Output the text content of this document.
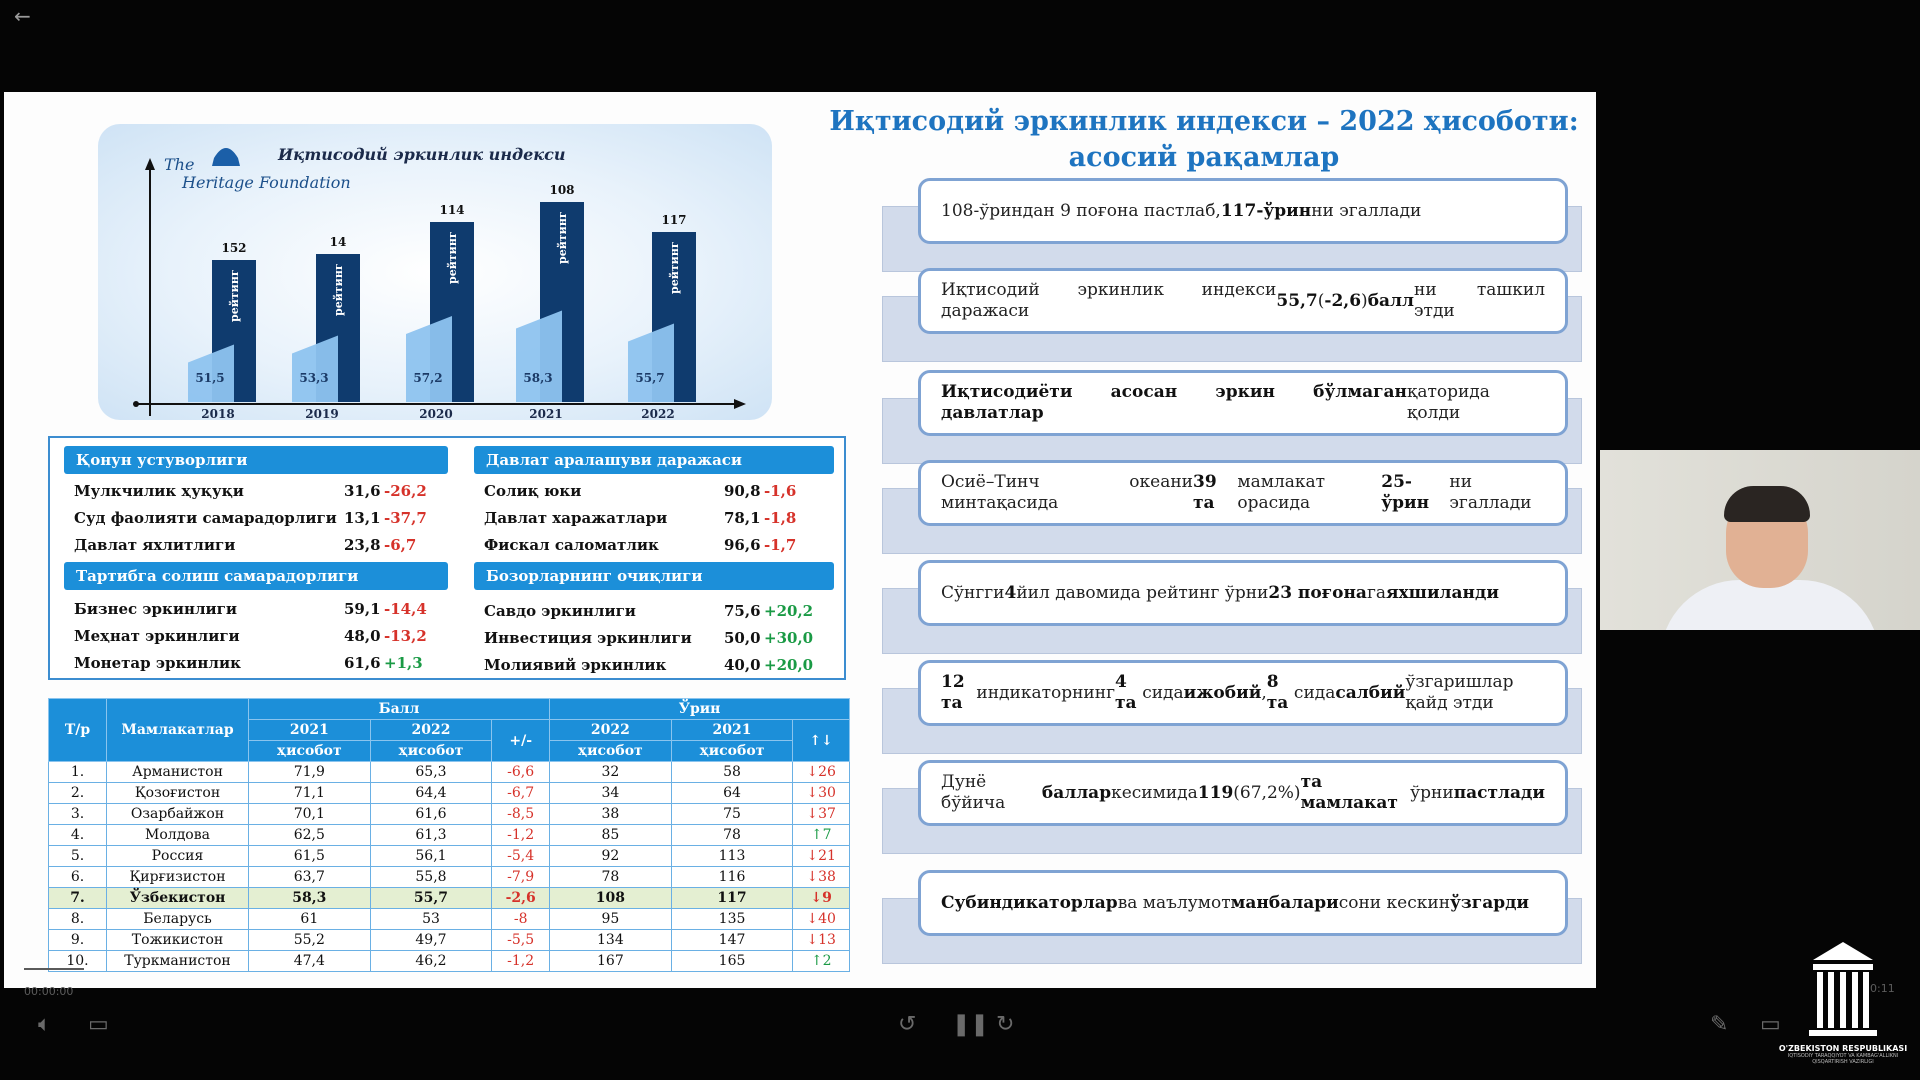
←
The
Heritage Foundation
Иқтисодий эркинлик индекси
152
рейтинг
51,5
2018
14
рейтинг
53,3
2019
114
рейтинг
57,2
2020
108
рейтинг
58,3
2021
117
рейтинг
55,7
2022
Қонун устуворлиги
Мулкчилик ҳуқуқи	31,6 -26,2
Суд фаолияти самарадорлиги 13,1 -37,7
Давлат яхлитлиги	23,8 -6,7
Давлат аралашуви даражаси
Солиқ юки	90,8 -1,6
Давлат харажатлари	78,1 -1,8
Фискал саломатлик	96,6 -1,7
Тартибга солиш самарадорлиги
Бизнес эркинлиги	59,1 -14,4
Меҳнат эркинлиги	48,0 -13,2
Монетар эркинлик	61,6 +1,3
Бозорларнинг очиқлиги
Савдо эркинлиги	75,6 +20,2
Инвестиция эркинлиги 50,0 +30,0
Молиявий эркинлик	40,0 +20,0
Т/р	Мамлакатлар	Балл			Ўрин		
		2021	2022	+/-	2022	2021	↑↓
		ҳисобот	ҳисобот		ҳисобот	ҳисобот	
1.	Арманистон	71,9	65,3	-6,6	32	58	↓26
2.	Қозоғистон	71,1	64,4	-6,7	34	64	↓30
3.	Озарбайжон	70,1	61,6	-8,5	38	75	↓37
4.	Молдова	62,5	61,3	-1,2	85	78	↑7
5.	Россия	61,5	56,1	-5,4	92	113	↓21
6.	Қирғизистон	63,7	55,8	-7,9	78	116	↓38
7.	Ўзбекистон	58,3	55,7	-2,6	108	117	↓9
8.	Беларусь	61	53	-8	95	135	↓40
9.	Тожикистон	55,2	49,7	-5,5	134	147	↓13
10.	Туркманистон	47,4	46,2	-1,2	167	165	↑2
Иқтисодий эркинлик индекси – 2022 ҳисоботи:
асосий рақамлар
108-ўриндан 9 поғона пастлаб, 117-ўрин ни эгаллади
Иқтисодий эркинлик индекси даражаси
55,7 ( -2,6 ) балл
ни ташкил этди
Иқтисодиёти асосан эркин бўлмаган давлатлар
қаторида қолди
Осиё–Тинч океани минтақасида
39 та
мамлакат орасида
25-ўрин
ни эгаллади
Сўнгги 4 йил давомида рейтинг ўрни 23 поғона га яхшиланди
12 та
индикаторнинг
4 та
сида ижобий ,
8 та
сида салбий
ўзгаришлар қайд этди
Дунё бўйича
баллар кесимида 119 (67,2%)
та мамлакат
ўрни пастлади
Субиндикаторлар ва маълумот манбалари сони кескин ўзгарди
00:00:00	0:11
🔈︎ ▭	↺ ❚❚ ↻	✎ ▭
O'ZBEKISTON RESPUBLIKASI
IQTISODIY TARAQQIYOT VA KAMBAG'ALLIKNI QISQARTIRISH VAZIRLIGI
